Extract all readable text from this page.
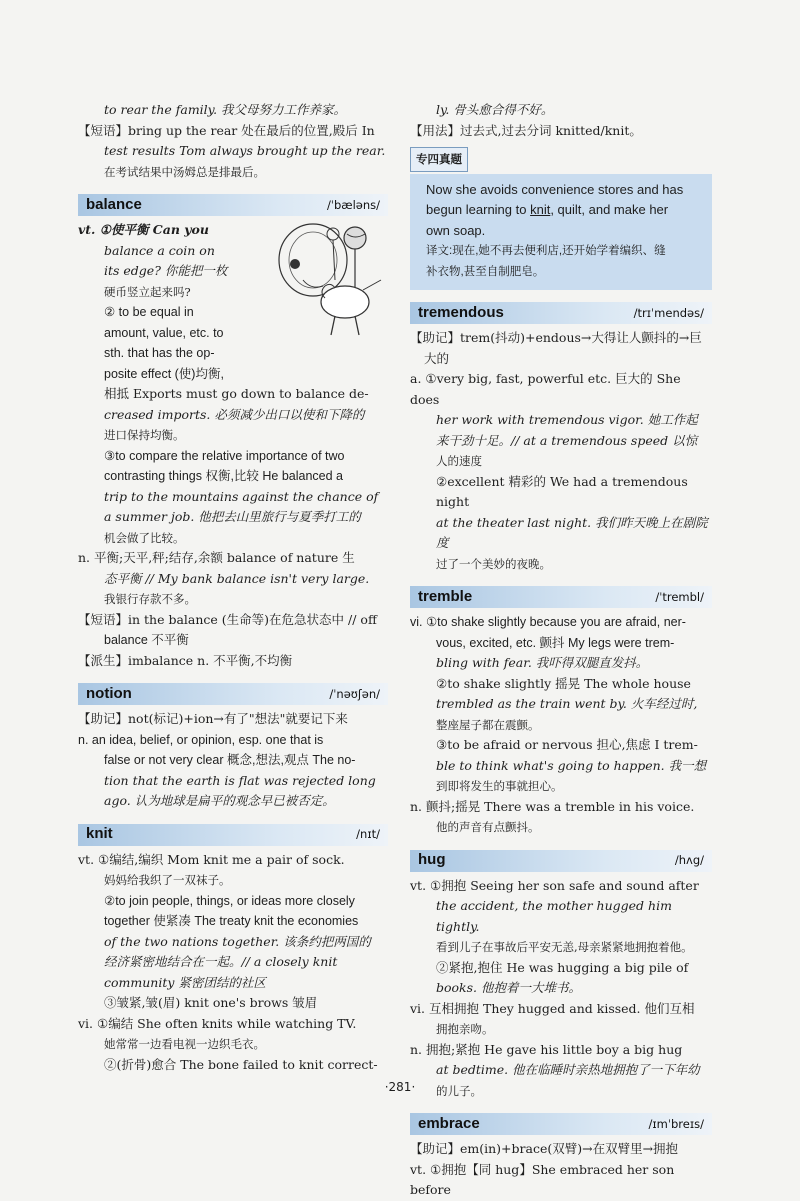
to rear the family. 我父母努力工作养家。

【短语】bring up the rear 处在最后的位置,殿后 In

test results Tom always brought up the rear.

在考试结果中汤姆总是排最后。

balance	/ˈbæləns/

vt. ①使平衡 Can you

balance a coin on

its edge? 你能把一枚

硬币竖立起来吗?

② to be equal in

amount, value, etc. to

sth. that has the op-

posite effect (使)均衡,

相抵 Exports must go down to balance de-

creased imports. 必须减少出口以使和下降的

进口保持均衡。

③to compare the relative importance of two

contrasting things 权衡,比较 He balanced a

trip to the mountains against the chance of

a summer job. 他把去山里旅行与夏季打工的

机会做了比较。

n. 平衡;天平,秤;结存,余额 balance of nature 生

态平衡 // My bank balance isn't very large.

我银行存款不多。

【短语】in the balance (生命等)在危急状态中 // off

balance 不平衡

【派生】imbalance n. 不平衡,不均衡

notion	/ˈnəʊʃən/

【助记】not(标记)+ion→有了"想法"就要记下来

n. an idea, belief, or opinion, esp. one that is

false or not very clear 概念,想法,观点 The no-

tion that the earth is flat was rejected long

ago. 认为地球是扁平的观念早已被否定。

knit	/nɪt/

vt. ①编结,编织 Mom knit me a pair of sock.

妈妈给我织了一双袜子。

②to join people, things, or ideas more closely

together 使紧凑 The treaty knit the economies

of the two nations together. 该条约把两国的

经济紧密地结合在一起。// a closely knit

community 紧密团结的社区

③皱紧,皱(眉) knit one's brows 皱眉

vi. ①编结 She often knits while watching TV.

她常常一边看电视一边织毛衣。

②(折骨)愈合 The bone failed to knit correct-

ly. 骨头愈合得不好。

【用法】过去式,过去分词 knitted/knit。

专四真题

Now she avoids convenience stores and has

begun learning to knit, quilt, and make her

own soap.

译文:现在,她不再去便利店,还开始学着编织、缝

补衣物,甚至自制肥皂。

tremendous	/trɪˈmendəs/

【助记】trem(抖动)+endous→大得让人颤抖的→巨

大的

a. ①very big, fast, powerful etc. 巨大的 She does

her work with tremendous vigor. 她工作起

来干劲十足。// at a tremendous speed 以惊

人的速度

②excellent 精彩的 We had a tremendous night

at the theater last night. 我们昨天晚上在剧院度

过了一个美妙的夜晚。

tremble	/ˈtrembl/

vi. ①to shake slightly because you are afraid, ner-

vous, excited, etc. 颤抖 My legs were trem-

bling with fear. 我吓得双腿直发抖。

②to shake slightly 摇晃 The whole house

trembled as the train went by. 火车经过时,

整座屋子都在震颤。

③to be afraid or nervous 担心,焦虑 I trem-

ble to think what's going to happen. 我一想

到即将发生的事就担心。

n. 颤抖;摇晃 There was a tremble in his voice.

他的声音有点颤抖。

hug	/hʌg/

vt. ①拥抱 Seeing her son safe and sound after

the accident, the mother hugged him tightly.

看到儿子在事故后平安无恙,母亲紧紧地拥抱着他。

②紧抱,抱住 He was hugging a big pile of

books. 他抱着一大堆书。

vi. 互相拥抱 They hugged and kissed. 他们互相

拥抱亲吻。

n. 拥抱;紧抱 He gave his little boy a big hug

at bedtime. 他在临睡时亲热地拥抱了一下年幼

的儿子。

embrace	/ɪmˈbreɪs/

【助记】em(in)+brace(双臂)→在双臂里→拥抱

vt. ①拥抱【同 hug】She embraced her son before

·281·
